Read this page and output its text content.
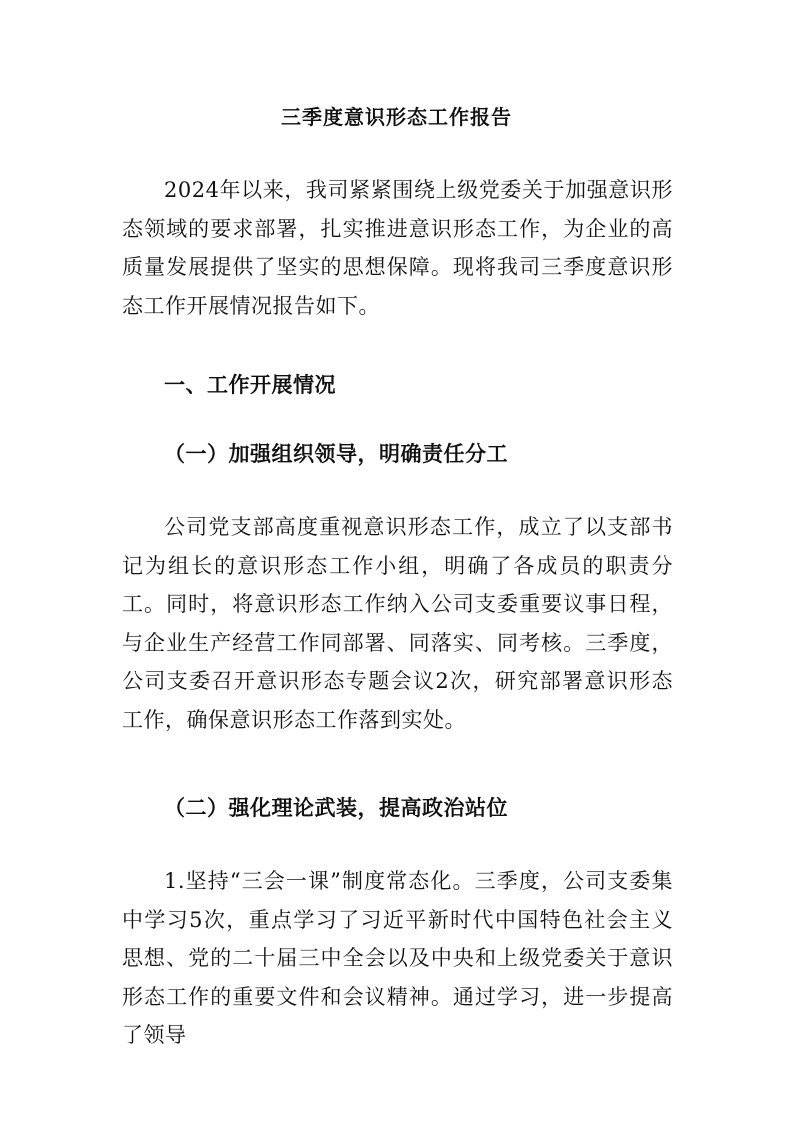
三季度意识形态工作报告

2024年以来，我司紧紧围绕上级党委关于加强意识形态领域的要求部署，扎实推进意识形态工作，为企业的高质量发展提供了坚实的思想保障。现将我司三季度意识形态工作开展情况报告如下。

一、工作开展情况

（一）加强组织领导，明确责任分工

公司党支部高度重视意识形态工作，成立了以支部书记为组长的意识形态工作小组，明确了各成员的职责分工。同时，将意识形态工作纳入公司支委重要议事日程，与企业生产经营工作同部署、同落实、同考核。三季度，公司支委召开意识形态专题会议2次，研究部署意识形态工作，确保意识形态工作落到实处。

（二）强化理论武装，提高政治站位

1.坚持“三会一课”制度常态化。三季度，公司支委集中学习5次，重点学习了习近平新时代中国特色社会主义思想、党的二十届三中全会以及中央和上级党委关于意识形态工作的重要文件和会议精神。通过学习，进一步提高了领导
